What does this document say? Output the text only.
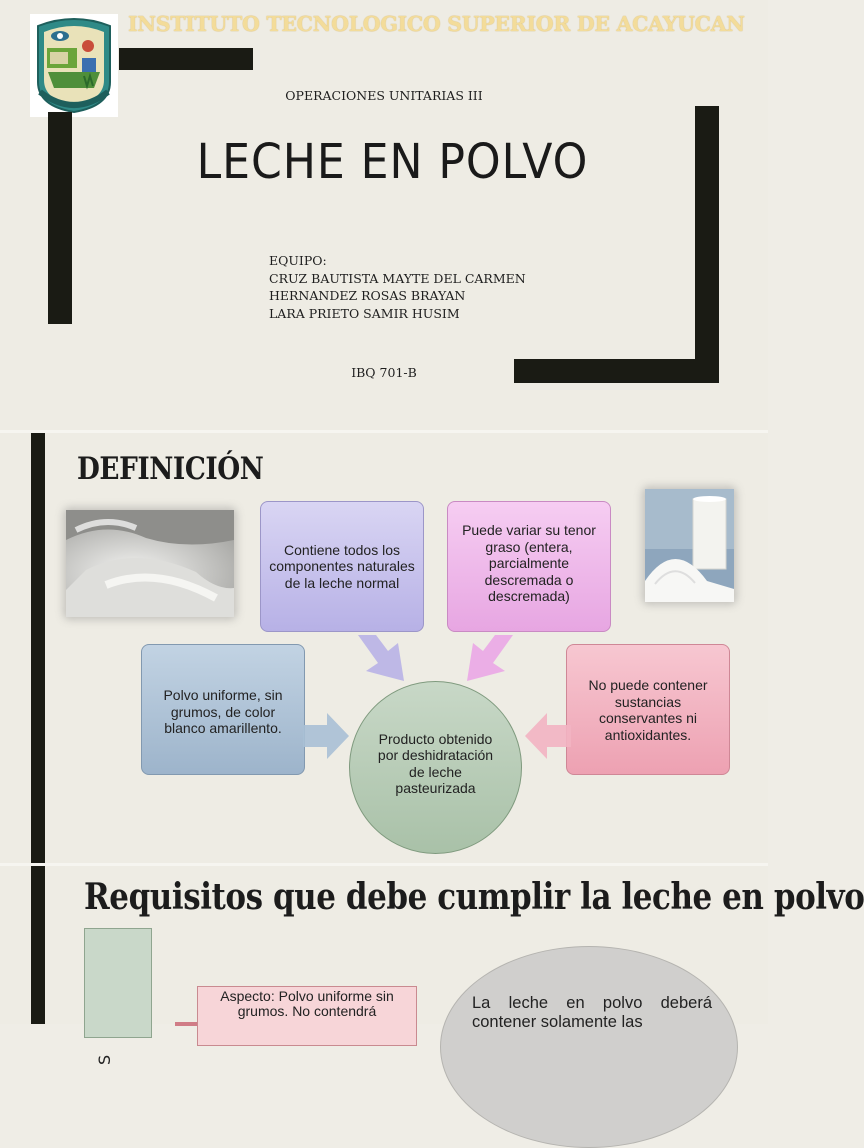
INSTITUTO TECNOLOGICO SUPERIOR DE ACAYUCAN
OPERACIONES UNITARIAS III
LECHE EN POLVO
EQUIPO:
CRUZ BAUTISTA MAYTE DEL CARMEN
HERNANDEZ ROSAS BRAYAN
LARA PRIETO SAMIR HUSIM
IBQ 701-B
DEFINICIÓN
Contiene todos los componentes naturales de la leche normal
Puede variar su tenor graso (entera, parcialmente descremada o descremada)
Polvo uniforme, sin grumos, de color blanco amarillento.
No puede contener sustancias conservantes ni antioxidantes.
Producto obtenido por deshidratación de leche pasteurizada
Requisitos que debe cumplir la leche en polvo
S
Aspecto: Polvo uniforme sin grumos. No contendrá	La leche en polvo deberá contener solamente las
